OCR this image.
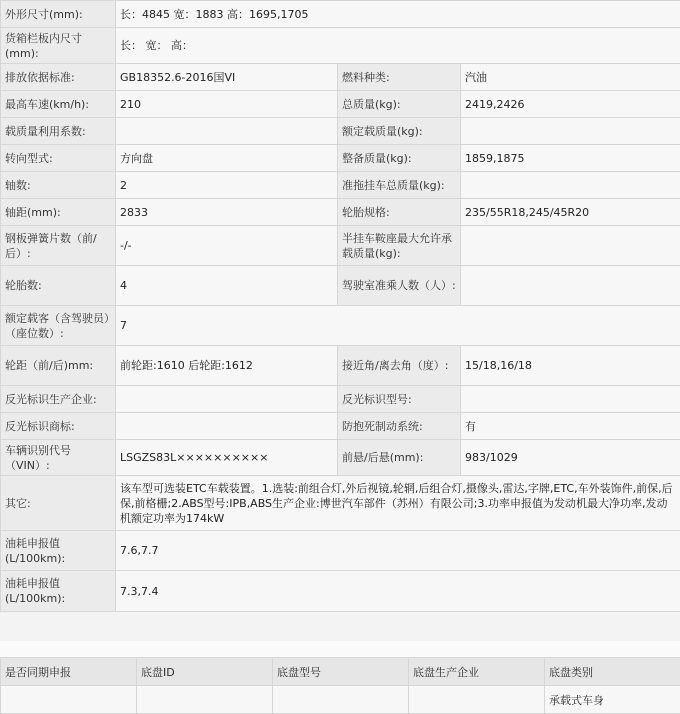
外形尺寸(mm):	长：4845 宽：1883 高：1695,1705		
货箱栏板内尺寸(mm):	长： 宽： 高：		
排放依据标准:	GB18352.6-2016国VI	燃料种类:	汽油
最高车速(km/h):	210	总质量(kg):	2419,2426
载质量利用系数:		额定载质量(kg):	
转向型式:	方向盘	整备质量(kg):	1859,1875
轴数:	2	准拖挂车总质量(kg):	
轴距(mm):	2833	轮胎规格:	235/55R18,245/45R20
钢板弹簧片数（前/后）:	-/-	半挂车鞍座最大允许承载质量(kg):	
轮胎数:	4	驾驶室准乘人数（人）:	
额定载客（含驾驶员）（座位数）:	7		
轮距（前/后)mm:	前轮距:1610 后轮距:1612	接近角/离去角（度）:	15/18,16/18
反光标识生产企业:		反光标识型号:	
反光标识商标:		防抱死制动系统:	有
车辆识别代号（VIN）:	LSGZS83L××××××××××	前悬/后悬(mm):	983/1029
其它:	该车型可选装ETC车载装置。1.选装:前组合灯,外后视镜,轮辋,后组合灯,摄像头,雷达,字牌,ETC,车外装饰件,前保,后保,前格栅;2.ABS型号:IPB,ABS生产企业:博世汽车部件（苏州）有限公司;3.功率申报值为发动机最大净功率,发动机额定功率为174kW		
油耗申报值(L/100km):	7.6,7.7		
油耗申报值(L/100km):	7.3,7.4		
是否同期申报	底盘ID	底盘型号	底盘生产企业	底盘类别
				承载式车身
